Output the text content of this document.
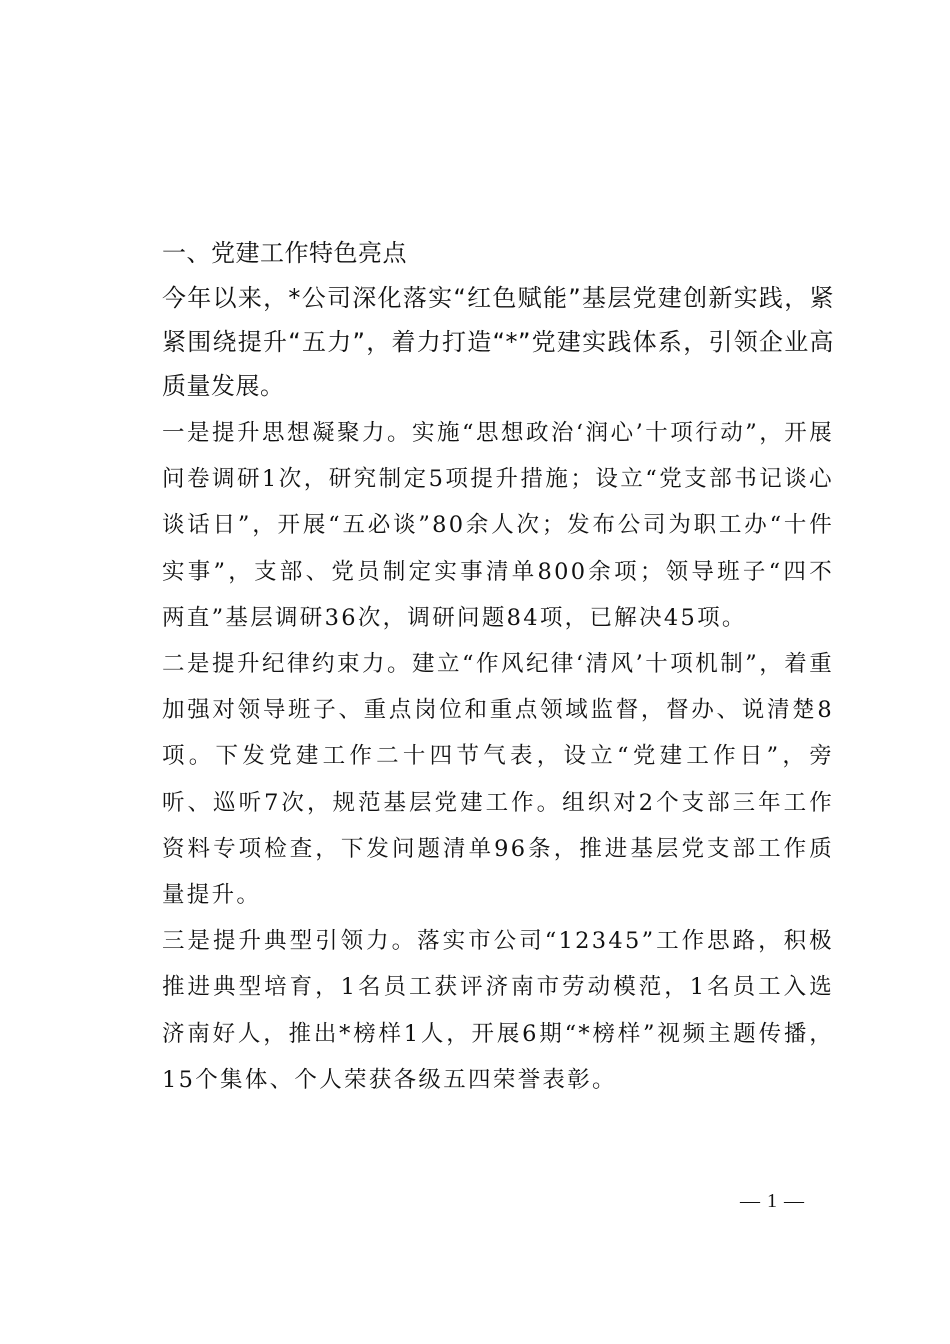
一、党建工作特色亮点

今年以来，*公司深化落实“红色赋能”基层党建创新实践，紧紧围绕提升“五力”，着力打造“*”党建实践体系，引领企业高质量发展。

一是提升思想凝聚力。实施“思想政治‘润心’十项行动”，开展问卷调研1次，研究制定5项提升措施；设立“党支部书记谈心谈话日”，开展“五必谈”80余人次；发布公司为职工办“十件实事”，支部、党员制定实事清单800余项；领导班子“四不两直”基层调研36次，调研问题84项，已解决45项。

二是提升纪律约束力。建立“作风纪律‘清风’十项机制”，着重加强对领导班子、重点岗位和重点领域监督，督办、说清楚8项。下发党建工作二十四节气表，设立“党建工作日”，旁听、巡听7次，规范基层党建工作。组织对2个支部三年工作资料专项检查，下发问题清单96条，推进基层党支部工作质量提升。

三是提升典型引领力。落实市公司“12345”工作思路，积极推进典型培育，1名员工获评济南市劳动模范，1名员工入选济南好人，推出*榜样1人，开展6期“*榜样”视频主题传播，15个集体、个人荣获各级五四荣誉表彰。

— 1 —
